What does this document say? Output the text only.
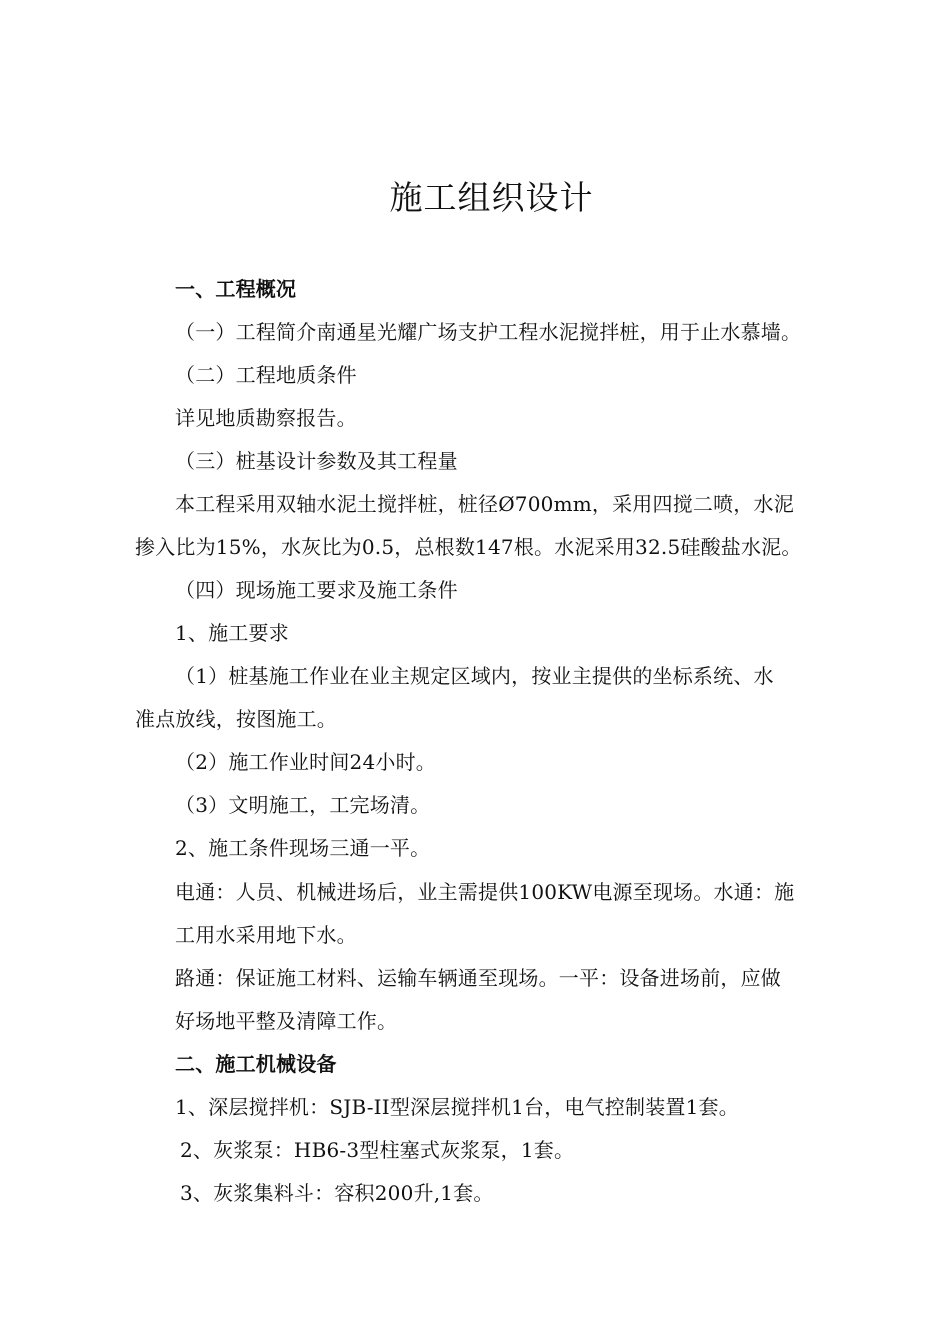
施工组织设计
一、工程概况
（一）工程简介南通星光耀广场支护工程水泥搅拌桩，用于止水慕墙。
（二）工程地质条件
详见地质勘察报告。
（三）桩基设计参数及其工程量
本工程采用双轴水泥土搅拌桩，桩径Ø700mm，采用四搅二喷，水泥
掺入比为15%，水灰比为0.5，总根数147根。水泥采用32.5硅酸盐水泥。
（四）现场施工要求及施工条件
1、施工要求
（1）桩基施工作业在业主规定区域内，按业主提供的坐标系统、水
准点放线，按图施工。
（2）施工作业时间24小时。
（3）文明施工，工完场清。
2、施工条件现场三通一平。
电通：人员、机械进场后，业主需提供100KW电源至现场。水通：施
工用水采用地下水。
路通：保证施工材料、运输车辆通至现场。一平：设备进场前，应做
好场地平整及清障工作。
二、施工机械设备
1、深层搅拌机：SJB-II型深层搅拌机1台，电气控制装置1套。
2、灰浆泵：HB6-3型柱塞式灰浆泵，1套。
3、灰浆集料斗：容积200升,1套。
